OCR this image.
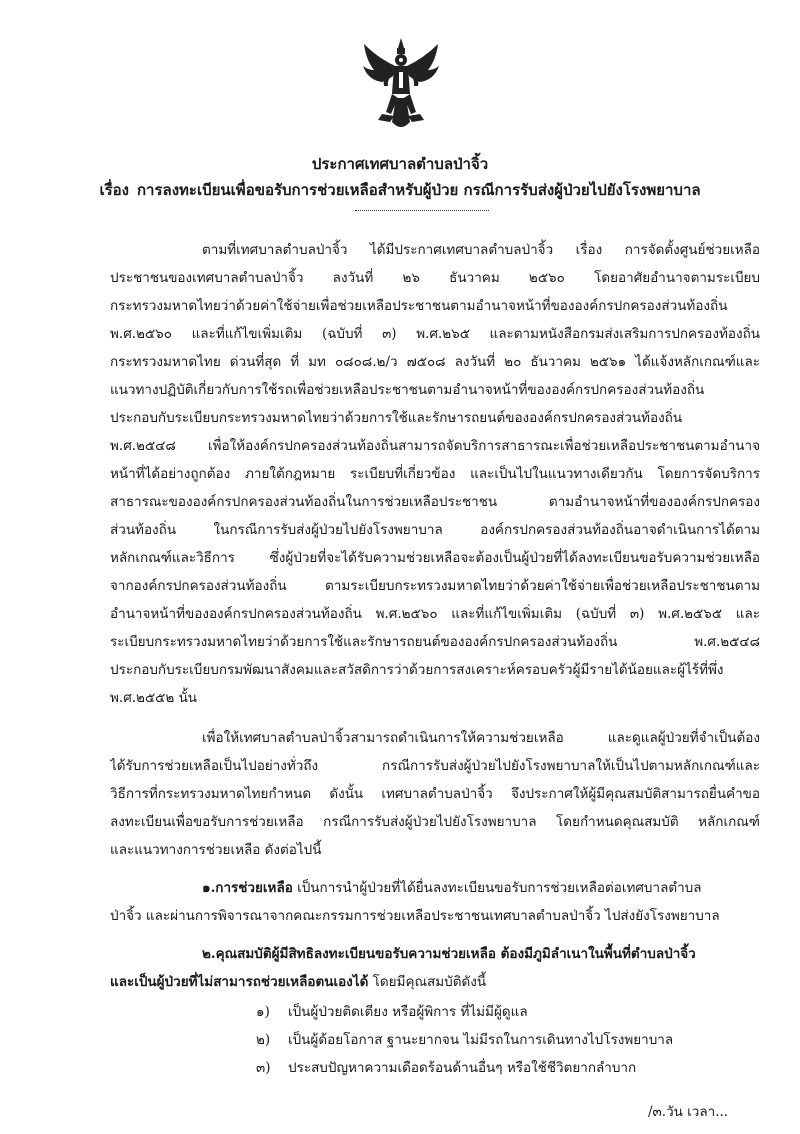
ประกาศเทศบาลตำบลป่าจิ้ว
เรื่อง การลงทะเบียนเพื่อขอรับการช่วยเหลือสำหรับผู้ป่วย กรณีการรับส่งผู้ป่วยไปยังโรงพยาบาล
ตามที่เทศบาลตำบลป่าจิ้ว ได้มีประกาศเทศบาลตำบลป่าจิ้ว เรื่อง การจัดตั้งศูนย์ช่วยเหลือ
ประชาชนของเทศบาลตำบลป่าจิ้ว ลงวันที่ ๒๖ ธันวาคม ๒๕๖๐ โดยอาศัยอำนาจตามระเบียบ
กระทรวงมหาดไทยว่าด้วยค่าใช้จ่ายเพื่อช่วยเหลือประชาชนตามอำนาจหน้าที่ขององค์กรปกครองส่วนท้องถิ่น
พ.ศ.๒๕๖๐ และที่แก้ไขเพิ่มเติม (ฉบับที่ ๓) พ.ศ.๒๖๕ และตามหนังสือกรมส่งเสริมการปกครองท้องถิ่น
กระทรวงมหาดไทย ด่วนที่สุด ที่ มท ๐๘๐๘.๒/ว ๗๕๐๘ ลงวันที่ ๒๐ ธันวาคม ๒๕๖๑ ได้แจ้งหลักเกณฑ์และ
แนวทางปฏิบัติเกี่ยวกับการใช้รถเพื่อช่วยเหลือประชาชนตามอำนาจหน้าที่ขององค์กรปกครองส่วนท้องถิ่น
ประกอบกับระเบียบกระทรวงมหาดไทยว่าด้วยการใช้และรักษารถยนต์ขององค์กรปกครองส่วนท้องถิ่น
พ.ศ.๒๕๔๘ เพื่อให้องค์กรปกครองส่วนท้องถิ่นสามารถจัดบริการสาธารณะเพื่อช่วยเหลือประชาชนตามอำนาจ
หน้าที่ได้อย่างถูกต้อง ภายใต้กฎหมาย ระเบียบที่เกี่ยวข้อง และเป็นไปในแนวทางเดียวกัน โดยการจัดบริการ
สาธารณะขององค์กรปกครองส่วนท้องถิ่นในการช่วยเหลือประชาชน ตามอำนาจหน้าที่ขององค์กรปกครอง
ส่วนท้องถิ่น ในกรณีการรับส่งผู้ป่วยไปยังโรงพยาบาล องค์กรปกครองส่วนท้องถิ่นอาจดำเนินการได้ตาม
หลักเกณฑ์และวิธีการ ซึ่งผู้ป่วยที่จะได้รับความช่วยเหลือจะต้องเป็นผู้ป่วยที่ได้ลงทะเบียนขอรับความช่วยเหลือ
จากองค์กรปกครองส่วนท้องถิ่น ตามระเบียบกระทรวงมหาดไทยว่าด้วยค่าใช้จ่ายเพื่อช่วยเหลือประชาชนตาม
อำนาจหน้าที่ขององค์กรปกครองส่วนท้องถิ่น พ.ศ.๒๕๖๐ และที่แก้ไขเพิ่มเติม (ฉบับที่ ๓) พ.ศ.๒๕๖๕ และ
ระเบียบกระทรวงมหาดไทยว่าด้วยการใช้และรักษารถยนต์ขององค์กรปกครองส่วนท้องถิ่น พ.ศ.๒๕๔๘
ประกอบกับระเบียบกรมพัฒนาสังคมและสวัสดิการว่าด้วยการสงเคราะห์ครอบครัวผู้มีรายได้น้อยและผู้ไร้ที่พึ่ง
พ.ศ.๒๕๕๒ นั้น
เพื่อให้เทศบาลตำบลป่าจิ้วสามารถดำเนินการให้ความช่วยเหลือ และดูแลผู้ป่วยที่จำเป็นต้อง
ได้รับการช่วยเหลือเป็นไปอย่างทั่วถึง กรณีการรับส่งผู้ป่วยไปยังโรงพยาบาลให้เป็นไปตามหลักเกณฑ์และ
วิธีการที่กระทรวงมหาดไทยกำหนด ดังนั้น เทศบาลตำบลป่าจิ้ว จึงประกาศให้ผู้มีคุณสมบัติสามารถยื่นคำขอ
ลงทะเบียนเพื่อขอรับการช่วยเหลือ กรณีการรับส่งผู้ป่วยไปยังโรงพยาบาล โดยกำหนดคุณสมบัติ หลักเกณฑ์
และแนวทางการช่วยเหลือ ดังต่อไปนี้
๑.การช่วยเหลือ เป็นการนำผู้ป่วยที่ได้ยื่นลงทะเบียนขอรับการช่วยเหลือต่อเทศบาลตำบล
ป่าจิ้ว และผ่านการพิจารณาจากคณะกรรมการช่วยเหลือประชาชนเทศบาลตำบลป่าจิ้ว ไปส่งยังโรงพยาบาล
๒.คุณสมบัติผู้มีสิทธิลงทะเบียนขอรับความช่วยเหลือ ต้องมีภูมิลำเนาในพื้นที่ตำบลป่าจิ้ว
และเป็นผู้ป่วยที่ไม่สามารถช่วยเหลือตนเองได้ โดยมีคุณสมบัติดังนี้
๑) เป็นผู้ป่วยติดเตียง หรือผู้พิการ ที่ไม่มีผู้ดูแล
๒) เป็นผู้ด้อยโอกาส ฐานะยากจน ไม่มีรถในการเดินทางไปโรงพยาบาล
๓) ประสบปัญหาความเดือดร้อนด้านอื่นๆ หรือใช้ชีวิตยากลำบาก
/๓.วัน เวลา...
